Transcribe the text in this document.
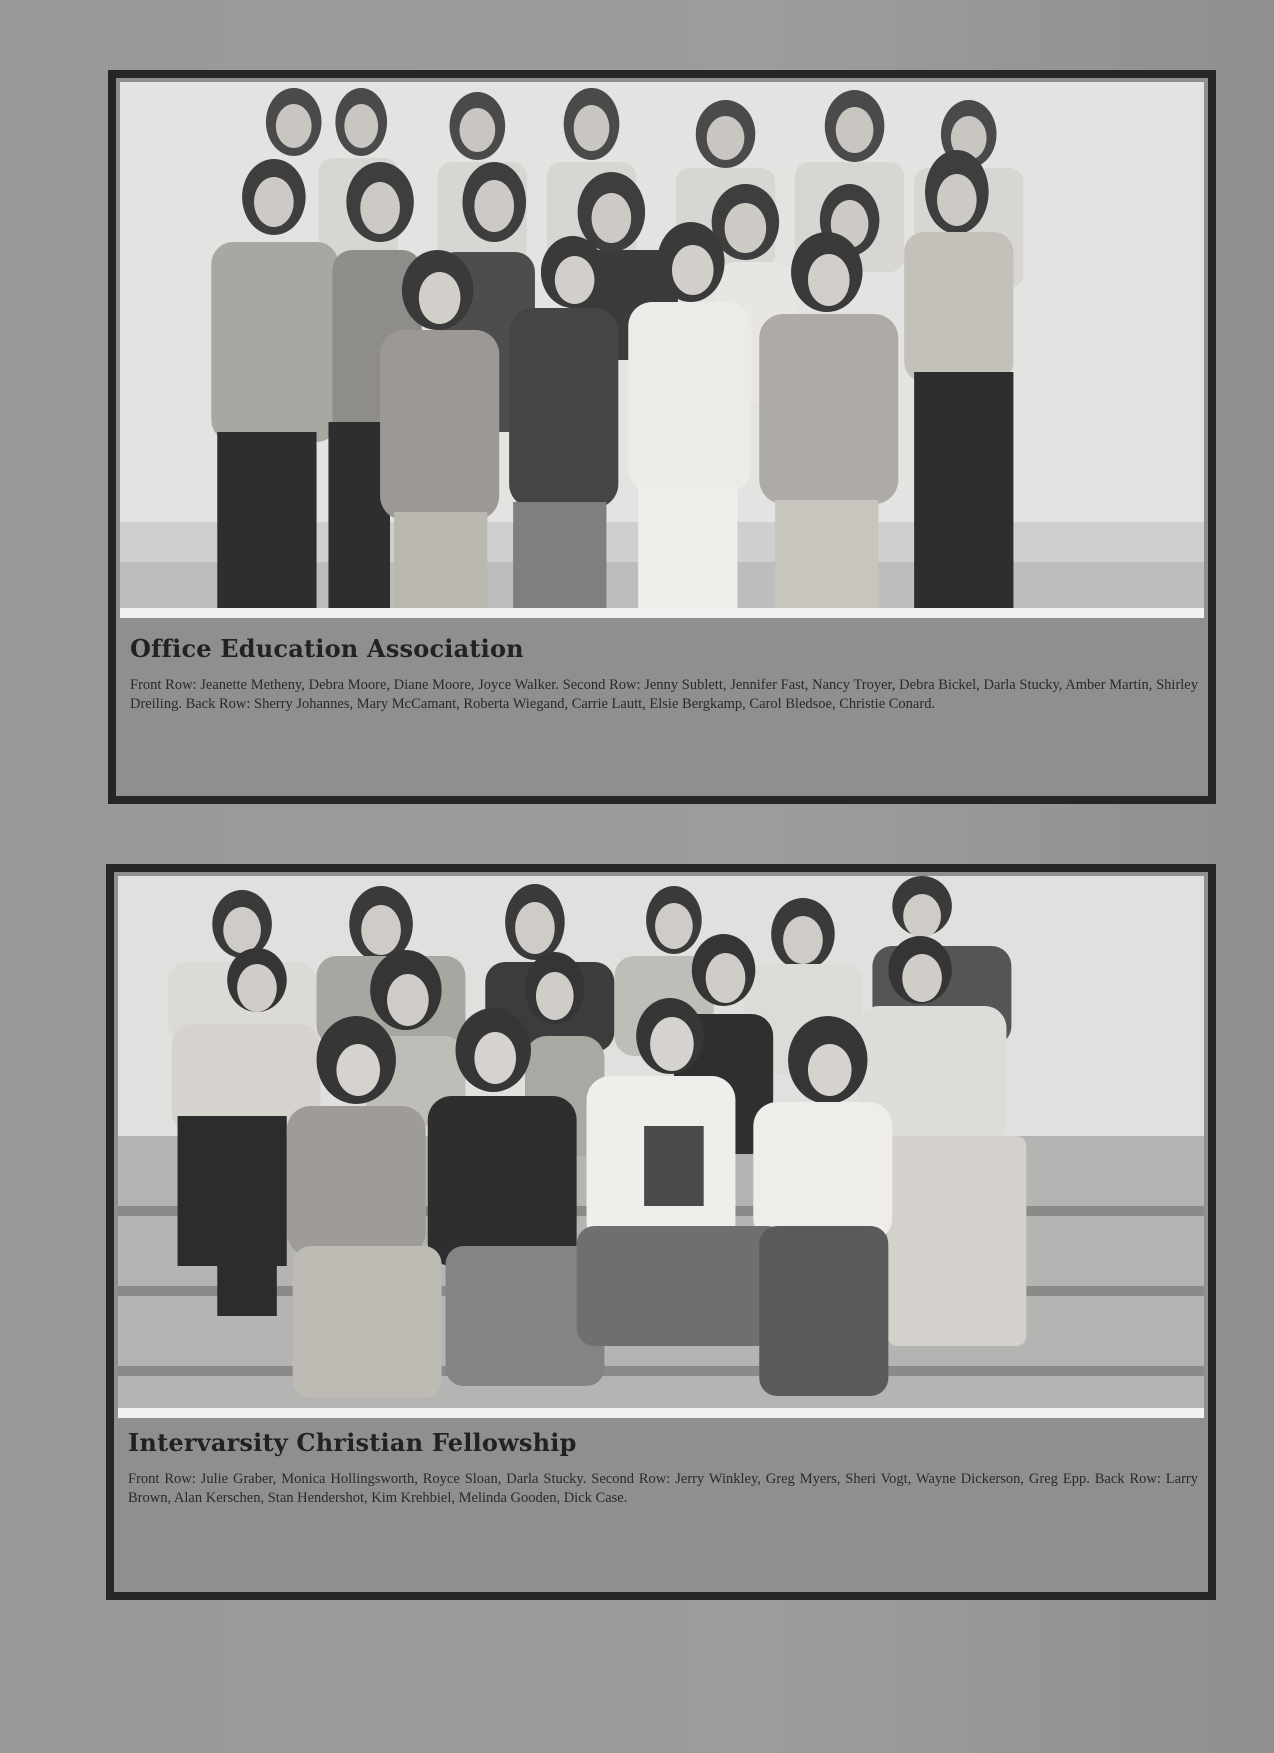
Office Education Association
Front Row: Jeanette Metheny, Debra Moore, Diane Moore, Joyce Walker. Second Row: Jenny Sublett, Jennifer Fast, Nancy Troyer, Debra Bickel, Darla Stucky, Amber Martin, Shirley Dreiling. Back Row: Sherry Johannes, Mary McCamant, Roberta Wiegand, Carrie Lautt, Elsie Bergkamp, Carol Bledsoe, Christie Conard.
Intervarsity Christian Fellowship
Front Row: Julie Graber, Monica Hollingsworth, Royce Sloan, Darla Stucky. Second Row: Jerry Winkley, Greg Myers, Sheri Vogt, Wayne Dickerson, Greg Epp. Back Row: Larry Brown, Alan Kerschen, Stan Hendershot, Kim Krehbiel, Melinda Gooden, Dick Case.
